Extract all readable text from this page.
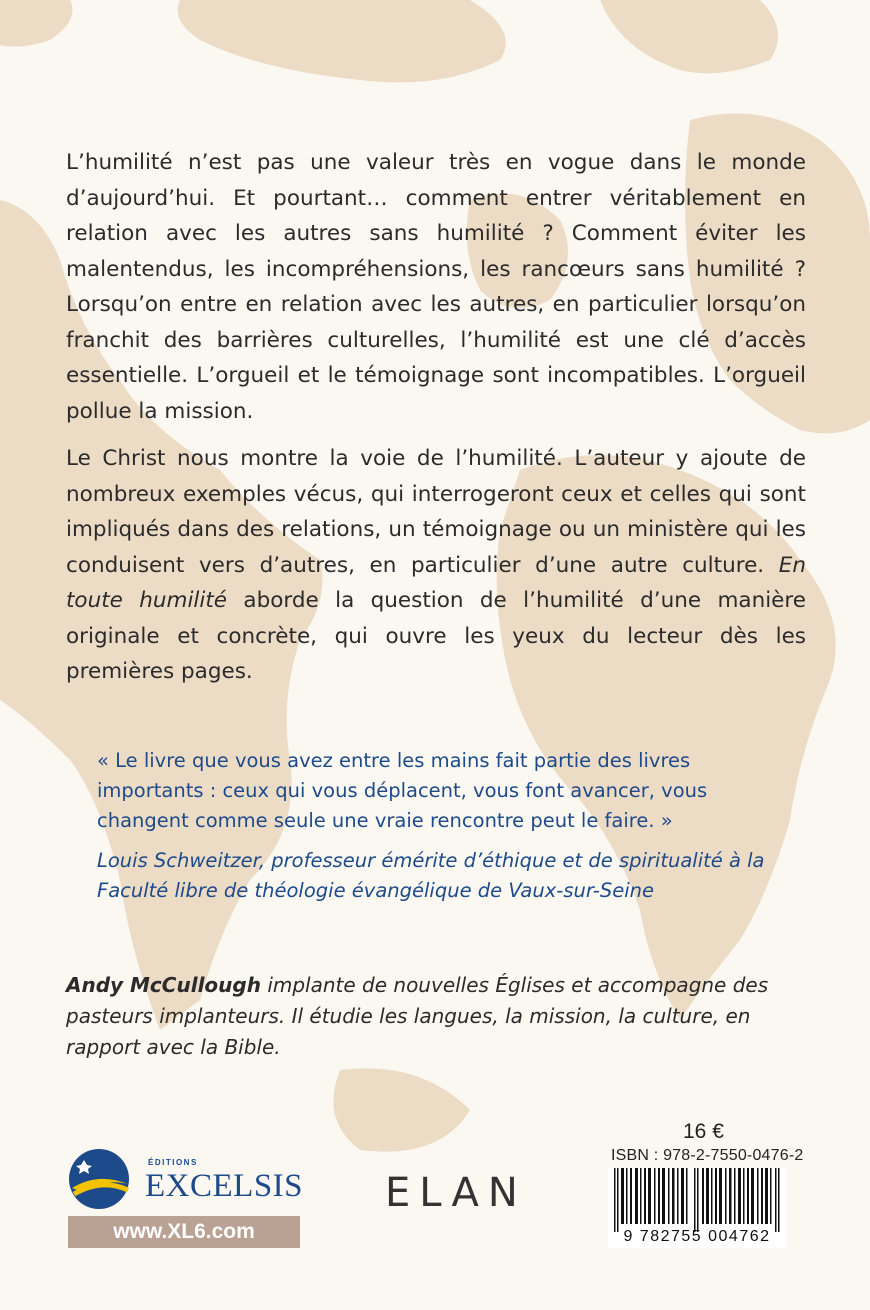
L’humilité n’est pas une valeur très en vogue dans le monde d’aujourd’hui. Et pourtant… comment entrer véritablement en relation avec les autres sans humilité ? Comment éviter les malentendus, les incompréhensions, les rancœurs sans humilité ? Lorsqu’on entre en relation avec les autres, en particulier lorsqu’on franchit des barrières culturelles, l’humilité est une clé d’accès essentielle. L’orgueil et le témoignage sont incompatibles. L’orgueil pollue la mission.

Le Christ nous montre la voie de l’humilité. L’auteur y ajoute de nombreux exemples vécus, qui interrogeront ceux et celles qui sont impliqués dans des relations, un témoignage ou un ministère qui les conduisent vers d’autres, en particulier d’une autre culture. En toute humilité aborde la question de l’humilité d’une manière originale et concrète, qui ouvre les yeux du lecteur dès les premières pages.

« Le livre que vous avez entre les mains fait partie des livres importants : ceux qui vous déplacent, vous font avancer, vous changent comme seule une vraie rencontre peut le faire. »

Louis Schweitzer, professeur émérite d’éthique et de spiritualité à la Faculté libre de théologie évangélique de Vaux-sur-Seine

Andy McCullough implante de nouvelles Églises et accompagne des pasteurs implanteurs. Il étudie les langues, la mission, la culture, en rapport avec la Bible.

ÉDITIONS
EXCELSIS
www.XL6.com
ELAN
16 €
ISBN : 978-2-7550-0476-2
9 782755 004762
